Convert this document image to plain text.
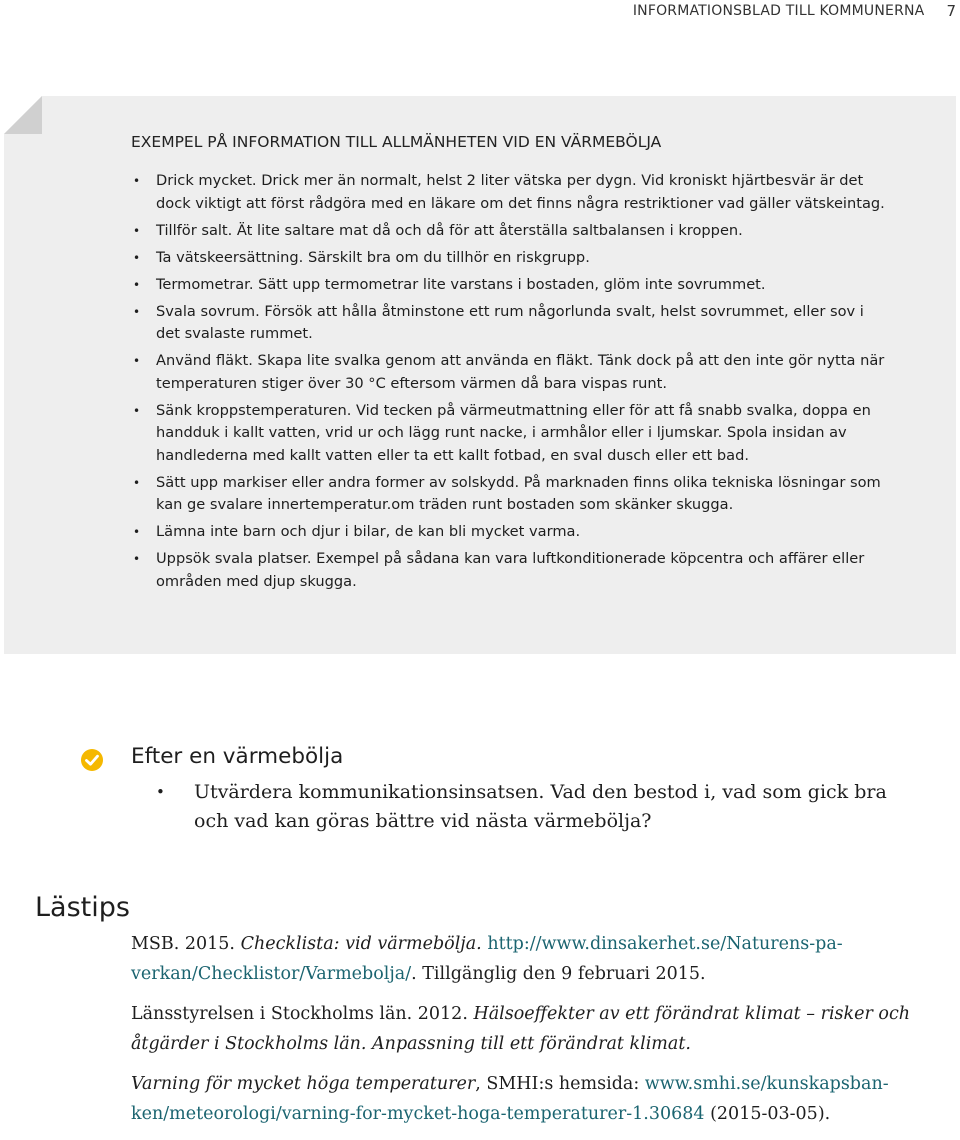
INFORMATIONSBLAD TILL KOMMUNERNA 7
EXEMPEL PÅ INFORMATION TILL ALLMÄNHETEN VID EN VÄRMEBÖLJA
• Drick mycket. Drick mer än normalt, helst 2 liter vätska per dygn. Vid kroniskt hjärtbesvär är det dock viktigt att först rådgöra med en läkare om det finns några restriktioner vad gäller vätskeintag.
• Tillför salt. Ät lite saltare mat då och då för att återställa saltbalansen i kroppen.
• Ta vätskeersättning. Särskilt bra om du tillhör en riskgrupp.
• Termometrar. Sätt upp termometrar lite varstans i bostaden, glöm inte sovrummet.
• Svala sovrum. Försök att hålla åtminstone ett rum någorlunda svalt, helst sovrummet, eller sov i det svalaste rummet.
• Använd fläkt. Skapa lite svalka genom att använda en fläkt. Tänk dock på att den inte gör nytta när temperaturen stiger över 30 °C eftersom värmen då bara vispas runt.
• Sänk kroppstemperaturen. Vid tecken på värmeutmattning eller för att få snabb svalka, doppa en handduk i kallt vatten, vrid ur och lägg runt nacke, i armhålor eller i ljumskar. Spola insidan av handlederna med kallt vatten eller ta ett kallt fotbad, en sval dusch eller ett bad.
• Sätt upp markiser eller andra former av solskydd. På marknaden finns olika tekniska lösningar som kan ge svalare innertemperatur.om träden runt bostaden som skänker skugga.
• Lämna inte barn och djur i bilar, de kan bli mycket varma.
• Uppsök svala platser. Exempel på sådana kan vara luftkonditionerade köpcentra och affärer eller områden med djup skugga.
Efter en värmebölja
• Utvärdera kommunikationsinsatsen. Vad den bestod i, vad som gick bra och vad kan göras bättre vid nästa värmebölja?
Lästips

MSB. 2015. Checklista: vid värmebölja. http://www.dinsakerhet.se/Naturens-pa-verkan/Checklistor/Varmebolja/. Tillgänglig den 9 februari 2015.

Länsstyrelsen i Stockholms län. 2012. Hälsoeffekter av ett förändrat klimat – risker och åtgärder i Stockholms län. Anpassning till ett förändrat klimat.

Varning för mycket höga temperaturer, SMHI:s hemsida: www.smhi.se/kunskapsban-ken/meteorologi/varning-for-mycket-hoga-temperaturer-1.30684 (2015-03-05).
